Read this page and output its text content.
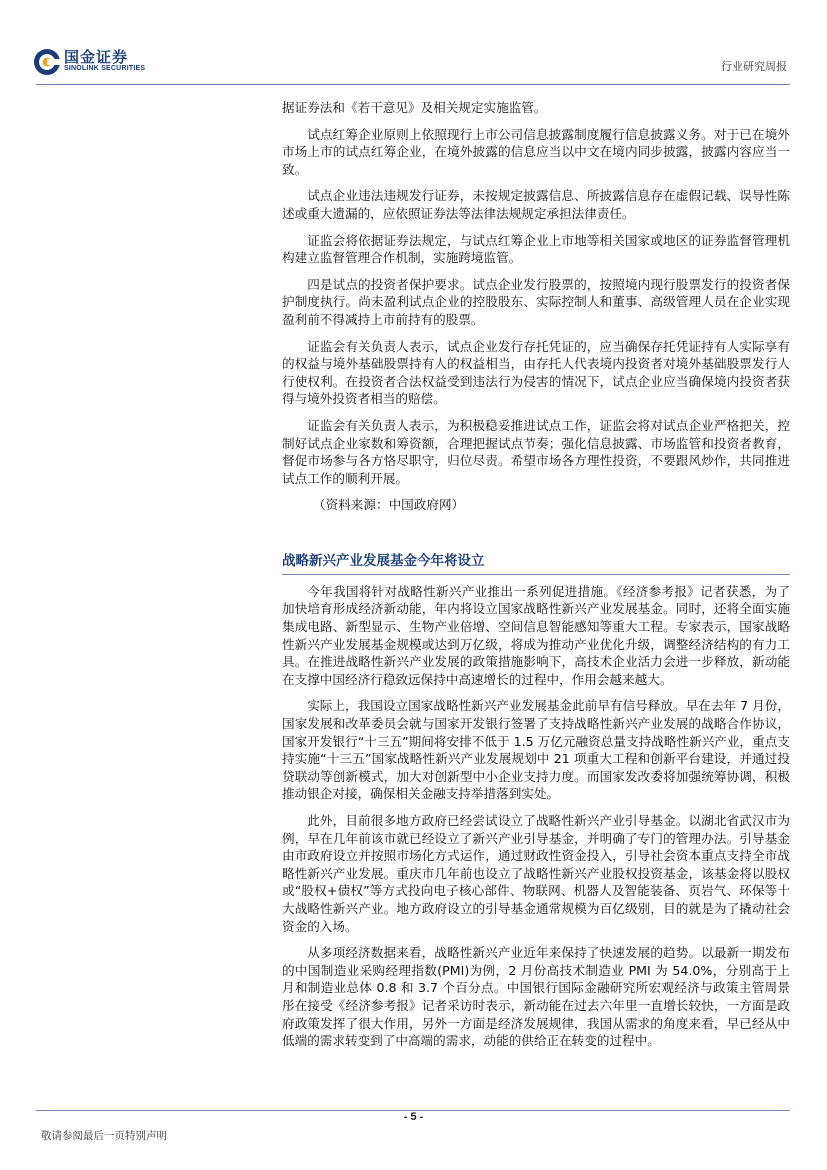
国金证券
SINOLINK SECURITIES	行业研究周报

据证券法和《若干意见》及相关规定实施监管。

试点红筹企业原则上依照现行上市公司信息披露制度履行信息披露义务。对于已在境外市场上市的试点红筹企业，在境外披露的信息应当以中文在境内同步披露，披露内容应当一致。

试点企业违法违规发行证券，未按规定披露信息、所披露信息存在虚假记载、误导性陈述或重大遗漏的，应依照证券法等法律法规规定承担法律责任。

证监会将依据证券法规定，与试点红筹企业上市地等相关国家或地区的证券监督管理机构建立监督管理合作机制，实施跨境监管。

四是试点的投资者保护要求。试点企业发行股票的，按照境内现行股票发行的投资者保护制度执行。尚未盈利试点企业的控股股东、实际控制人和董事、高级管理人员在企业实现盈利前不得减持上市前持有的股票。

证监会有关负责人表示，试点企业发行存托凭证的，应当确保存托凭证持有人实际享有的权益与境外基础股票持有人的权益相当，由存托人代表境内投资者对境外基础股票发行人行使权利。在投资者合法权益受到违法行为侵害的情况下，试点企业应当确保境内投资者获得与境外投资者相当的赔偿。

证监会有关负责人表示，为积极稳妥推进试点工作，证监会将对试点企业严格把关，控制好试点企业家数和筹资额，合理把握试点节奏；强化信息披露、市场监管和投资者教育，督促市场参与各方恪尽职守，归位尽责。希望市场各方理性投资，不要跟风炒作，共同推进试点工作的顺利开展。

（资料来源：中国政府网）

战略新兴产业发展基金今年将设立

今年我国将针对战略性新兴产业推出一系列促进措施。《经济参考报》记者获悉，为了加快培育形成经济新动能，年内将设立国家战略性新兴产业发展基金。同时，还将全面实施集成电路、新型显示、生物产业倍增、空间信息智能感知等重大工程。专家表示，国家战略性新兴产业发展基金规模或达到万亿级，将成为推动产业优化升级，调整经济结构的有力工具。在推进战略性新兴产业发展的政策措施影响下，高技术企业活力会进一步释放，新动能在支撑中国经济行稳致远保持中高速增长的过程中，作用会越来越大。

实际上，我国设立国家战略性新兴产业发展基金此前早有信号释放。早在去年 7 月份，国家发展和改革委员会就与国家开发银行签署了支持战略性新兴产业发展的战略合作协议，国家开发银行“十三五”期间将安排不低于 1.5 万亿元融资总量支持战略性新兴产业，重点支持实施“十三五”国家战略性新兴产业发展规划中 21 项重大工程和创新平台建设，并通过投贷联动等创新模式，加大对创新型中小企业支持力度。而国家发改委将加强统筹协调，积极推动银企对接，确保相关金融支持举措落到实处。

此外，目前很多地方政府已经尝试设立了战略性新兴产业引导基金。以湖北省武汉市为例，早在几年前该市就已经设立了新兴产业引导基金，并明确了专门的管理办法。引导基金由市政府设立并按照市场化方式运作，通过财政性资金投入，引导社会资本重点支持全市战略性新兴产业发展。重庆市几年前也设立了战略性新兴产业股权投资基金，该基金将以股权或“股权+债权”等方式投向电子核心部件、物联网、机器人及智能装备、页岩气、环保等十大战略性新兴产业。地方政府设立的引导基金通常规模为百亿级别，目的就是为了撬动社会资金的入场。

从多项经济数据来看，战略性新兴产业近年来保持了快速发展的趋势。以最新一期发布的中国制造业采购经理指数(PMI)为例，2 月份高技术制造业 PMI 为 54.0%，分别高于上月和制造业总体 0.8 和 3.7 个百分点。中国银行国际金融研究所宏观经济与政策主管周景彤在接受《经济参考报》记者采访时表示，新动能在过去六年里一直增长较快，一方面是政府政策发挥了很大作用，另外一方面是经济发展规律，我国从需求的角度来看，早已经从中低端的需求转变到了中高端的需求，动能的供给正在转变的过程中。

- 5 -
敬请参阅最后一页特别声明
